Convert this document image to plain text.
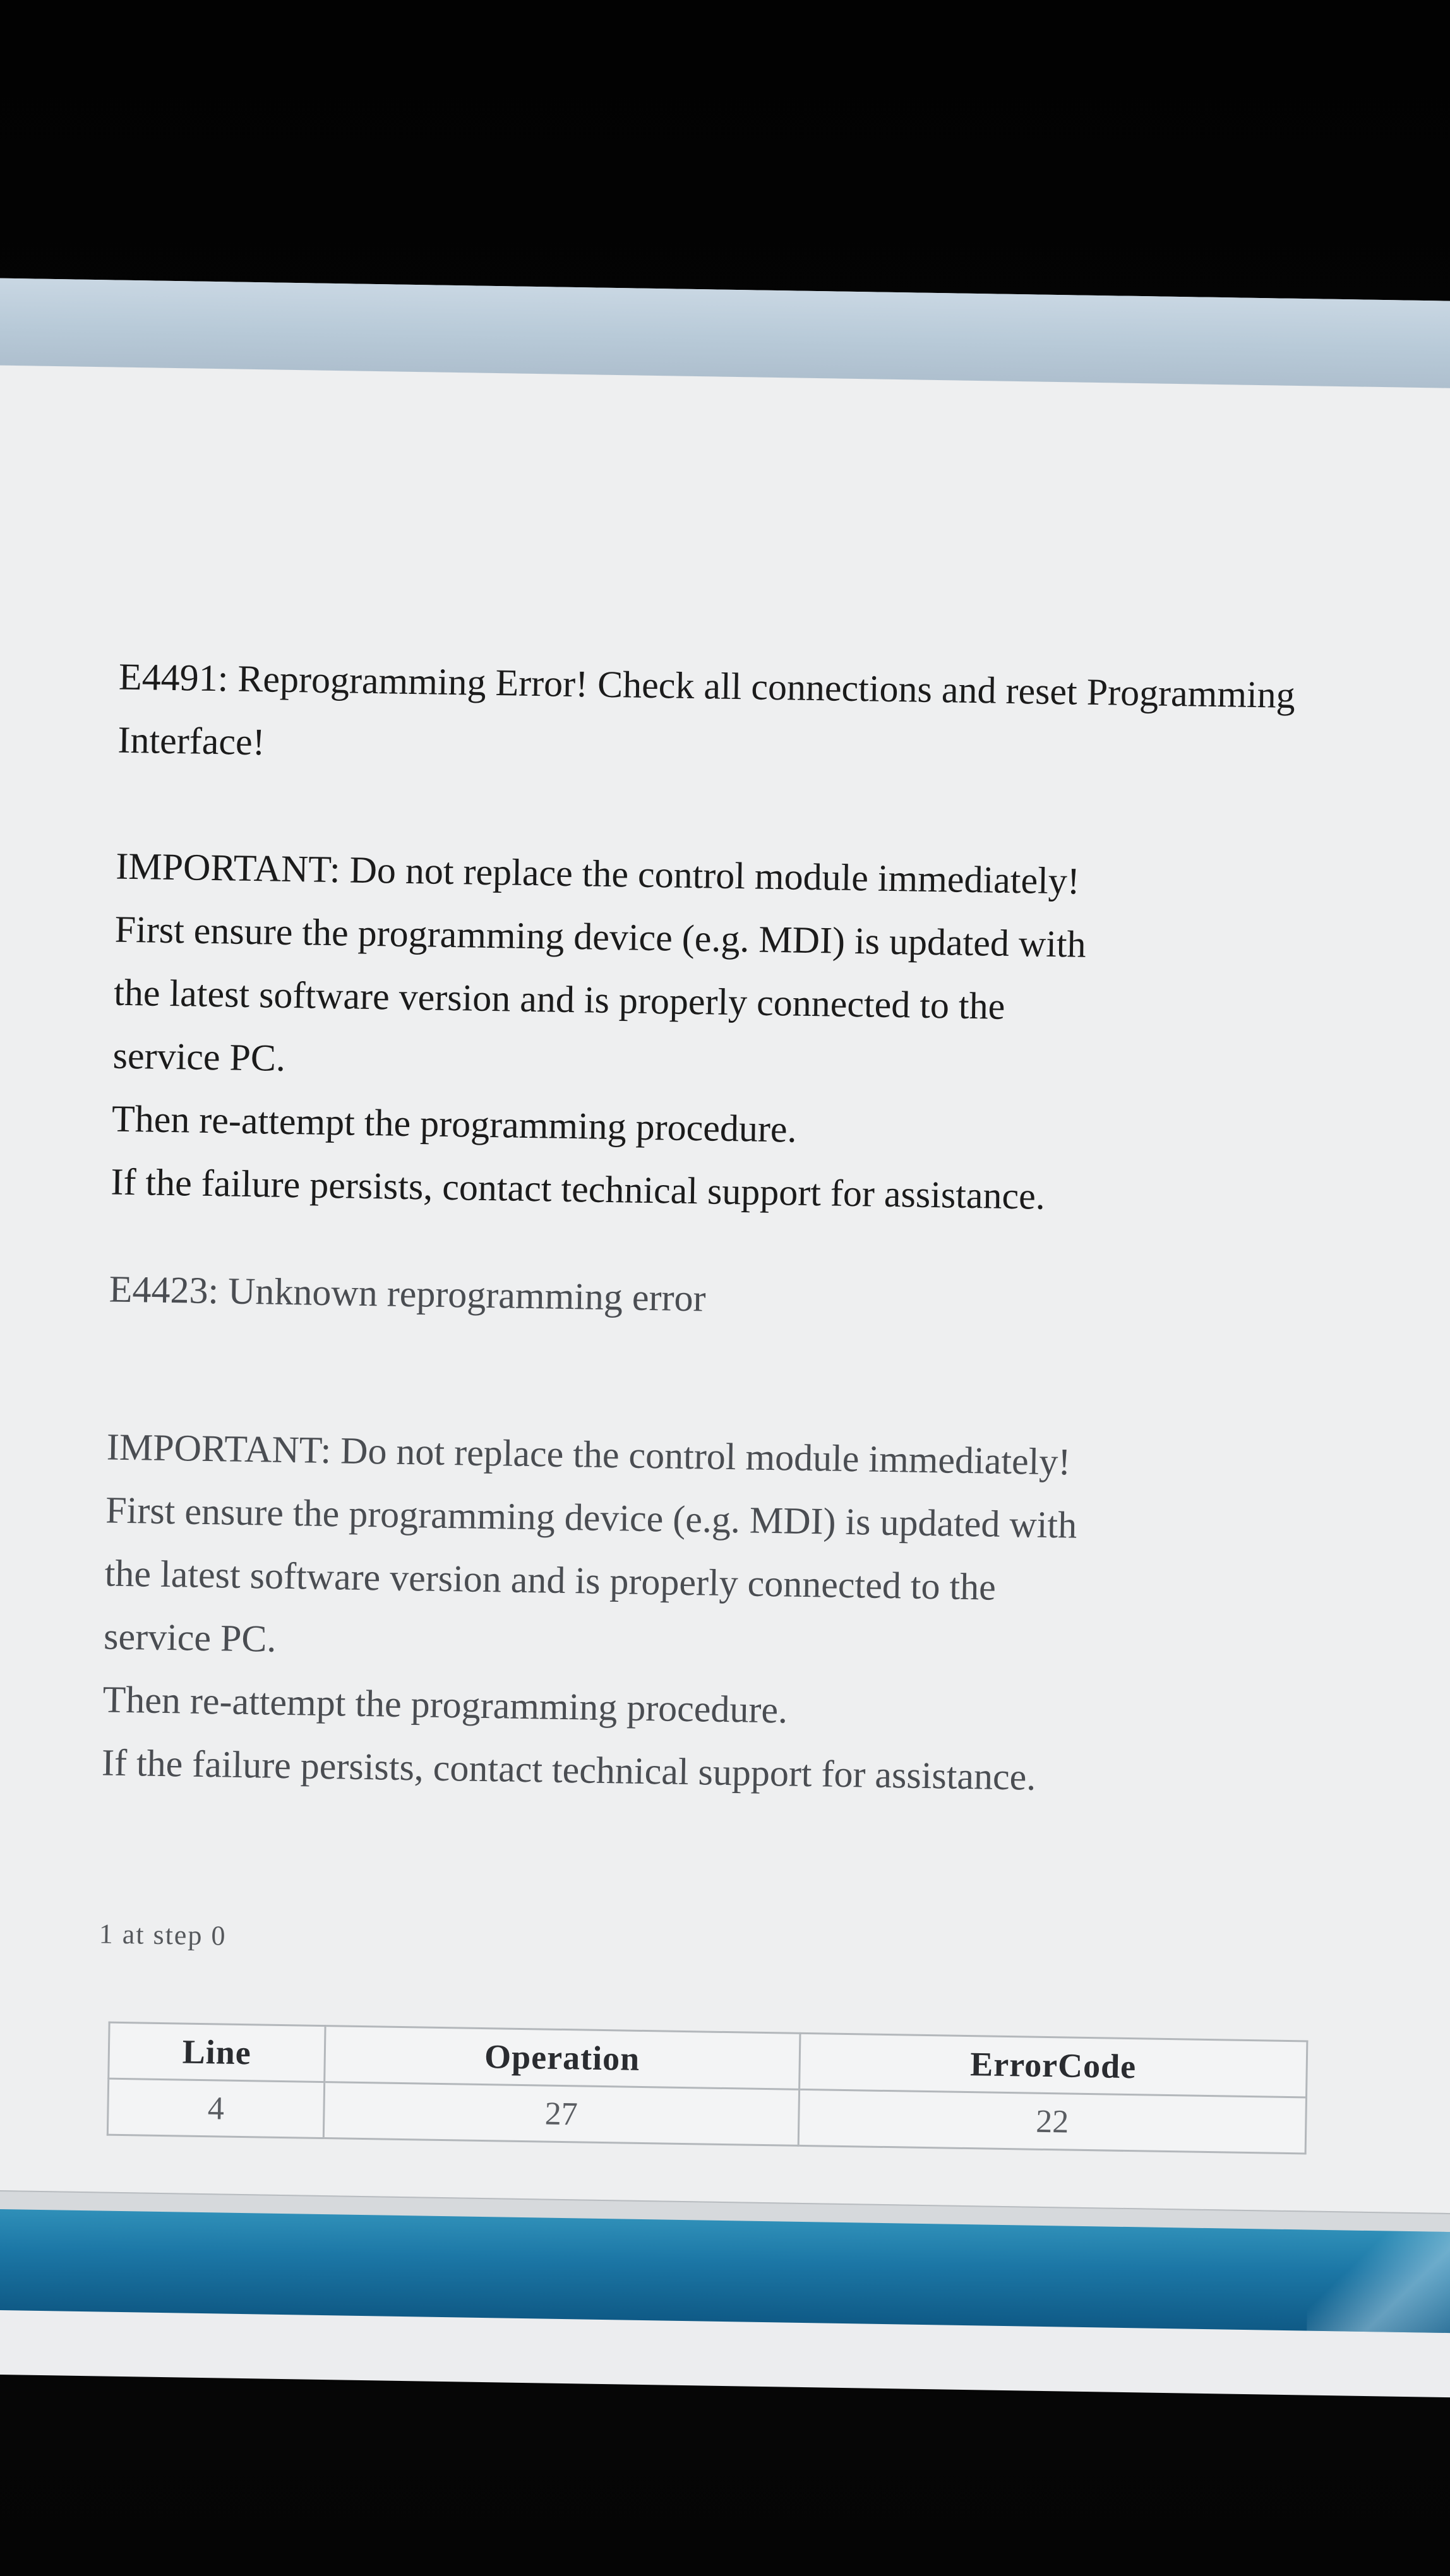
E4491: Reprogramming Error! Check all connections and reset Programming
Interface!
IMPORTANT: Do not replace the control module immediately!
First ensure the programming device (e.g. MDI) is updated with
the latest software version and is properly connected to the
service PC.
Then re-attempt the programming procedure.
If the failure persists, contact technical support for assistance.
E4423: Unknown reprogramming error
IMPORTANT: Do not replace the control module immediately!
First ensure the programming device (e.g. MDI) is updated with
the latest software version and is properly connected to the
service PC.
Then re-attempt the programming procedure.
If the failure persists, contact technical support for assistance.
1 at step 0
Line	Operation	ErrorCode
4	27	22
